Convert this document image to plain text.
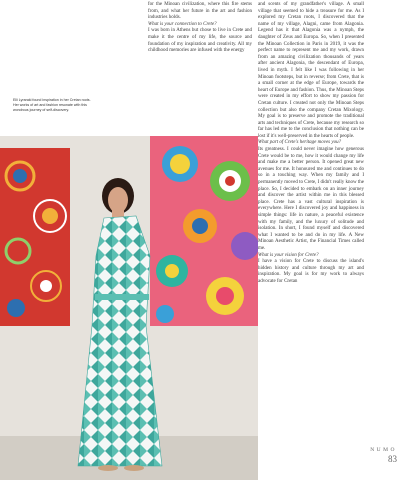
Elli Lyraraki found inspiration in her Cretan roots. Her works of art and fashion resonate with this wondrous journey of self-discovery.

for the Minoan civilization, where this fire stems from, and what her future in the art and fashion industries holds.

What is your connection to Crete?

I was born in Athens but chose to live in Crete and make it the centre of my life, the source and foundation of my inspiration and creativity. All my childhood memories are infused with the energy

and scents of my grandfather's village. A small village that seemed to hide a treasure for me. As I explored my Cretan roots, I discovered that the name of my village, Alagni, came from Alagonia. Legend has it that Alagonia was a nymph, the daughter of Zeus and Europa. So, when I presented the Minoan Collection in Paris in 2019, it was the perfect name to represent me and my work, drawn from an amazing civilization thousands of years after ancient Alagonia, the descendant of Europa, lived in myth. I felt like I was following in her Minoan footsteps, but in reverse; from Crete, that is a small corner at the edge of Europe, towards the heart of Europe and fashion. Thus, the Minoan Steps were created in my effort to show my passion for Cretan culture. I created not only the Minoan Steps collection but also the company Cretan Mixology. My goal is to preserve and promote the traditional arts and techniques of Crete, because my research so far has led me to the conclusion that nothing can be lost if it's well-preserved in the hearts of people.

What part of Crete's heritage moves you?

Its greatness. I could never imagine how generous Crete would be to me, how it would change my life and make me a better person. It opened great new avenues for me. It honoured me and continues to do so in a touching way. When my family and I permanently moved to Crete, I didn't really know the place. So, I decided to embark on an inner journey and discover the artist within me in this blessed place. Crete has a vast cultural inspiration is everywhere. Here I discovered joy and happiness in simple things: life in nature, a peaceful existence with my family, and the luxury of solitude and isolation. In short, I found myself and discovered what I wanted to be and do in my life. A New Minoan Aesthetic Artist, the Financial Times called me.

What is your vision for Crete?

I have a vision for Crete to discuss the island's hidden history and culture through my art and inspiration. My goal is for my work to always advocate for Cretan

NUMO
83
